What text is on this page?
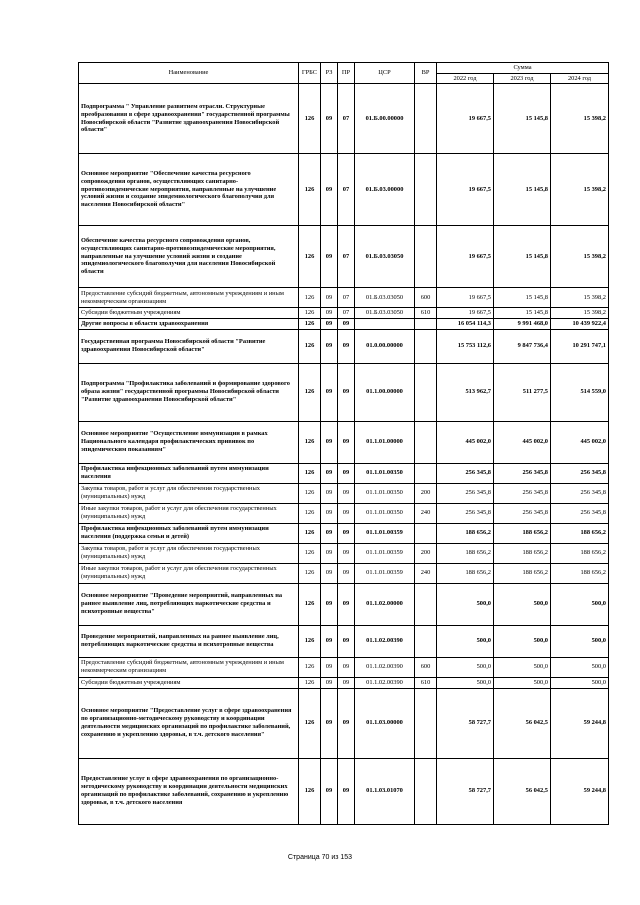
Наименование	ГРБС	РЗ	ПР	ЦСР	ВР	Сумма		
						2022 год	2023 год	2024 год
Подпрограмма " Управление развитием отрасли. Структурные преобразования в сфере здравоохранения" государственной программы Новосибирской области "Развитие здравоохранения Новосибирской области"	126	09	07	01.Б.00.00000		19 667,5	15 145,8	15 398,2
Основное мероприятие "Обеспечение качества ресурсного сопровождения органов, осуществляющих санитарно-противоэпидемические мероприятия, направленные на улучшение условий жизни и создание эпидемиологического благополучия для населения Новосибирской области"	126	09	07	01.Б.03.00000		19 667,5	15 145,8	15 398,2
Обеспечение качества ресурсного сопровождения органов, осуществляющих санитарно-противоэпидемические мероприятия, направленные на улучшение условий жизни и создание эпидемиологического благополучия для населения Новосибирской области	126	09	07	01.Б.03.03050		19 667,5	15 145,8	15 398,2
Предоставление субсидий бюджетным, автономным учреждениям и иным некоммерческим организациям	126	09	07	01.Б.03.03050	600	19 667,5	15 145,8	15 398,2
Субсидии бюджетным учреждениям	126	09	07	01.Б.03.03050	610	19 667,5	15 145,8	15 398,2
Другие вопросы в области здравоохранения	126	09	09			16 054 114,3	9 991 468,0	10 439 922,4
Государственная программа Новосибирской области "Развитие здравоохранения Новосибирской области"	126	09	09	01.0.00.00000		15 753 112,6	9 847 736,4	10 291 747,1
Подпрограмма "Профилактика заболеваний и формирование здорового образа жизни" государственной программы Новосибирской области "Развитие здравоохранения Новосибирской области"	126	09	09	01.1.00.00000		513 962,7	511 277,5	514 559,0
Основное мероприятие "Осуществление иммунизации в рамках Национального календаря профилактических прививок по эпидемическим показаниям"	126	09	09	01.1.01.00000		445 002,0	445 002,0	445 002,0
Профилактика инфекционных заболеваний путем иммунизации населения	126	09	09	01.1.01.00350		256 345,8	256 345,8	256 345,8
Закупка товаров, работ и услуг для обеспечения государственных (муниципальных) нужд	126	09	09	01.1.01.00350	200	256 345,8	256 345,8	256 345,8
Иные закупки товаров, работ и услуг для обеспечения государственных (муниципальных) нужд	126	09	09	01.1.01.00350	240	256 345,8	256 345,8	256 345,8
Профилактика инфекционных заболеваний путем иммунизации населения (поддержка семьи и детей)	126	09	09	01.1.01.00359		188 656,2	188 656,2	188 656,2
Закупка товаров, работ и услуг для обеспечения государственных (муниципальных) нужд	126	09	09	01.1.01.00359	200	188 656,2	188 656,2	188 656,2
Иные закупки товаров, работ и услуг для обеспечения государственных (муниципальных) нужд	126	09	09	01.1.01.00359	240	188 656,2	188 656,2	188 656,2
Основное мероприятие "Проведение мероприятий, направленных на раннее выявление лиц, потребляющих наркотические средства и психотропные вещества"	126	09	09	01.1.02.00000		500,0	500,0	500,0
Проведение мероприятий, направленных на раннее выявление лиц, потребляющих наркотические средства и психотропные вещества	126	09	09	01.1.02.00390		500,0	500,0	500,0
Предоставление субсидий бюджетным, автономным учреждениям и иным некоммерческим организациям	126	09	09	01.1.02.00390	600	500,0	500,0	500,0
Субсидии бюджетным учреждениям	126	09	09	01.1.02.00390	610	500,0	500,0	500,0
Основное мероприятие "Предоставление услуг в сфере здравоохранения по организационно-методическому руководству и координации деятельности медицинских организаций по профилактике заболеваний, сохранению и укреплению здоровья, в т.ч. детского населения"	126	09	09	01.1.03.00000		58 727,7	56 042,5	59 244,8
Предоставление услуг в сфере здравоохранения по организационно-методическому руководству и координации деятельности медицинских организаций по профилактике заболеваний, сохранению и укреплению здоровья, в т.ч. детского населения	126	09	09	01.1.03.01070		58 727,7	56 042,5	59 244,8
Страница 70 из 153
